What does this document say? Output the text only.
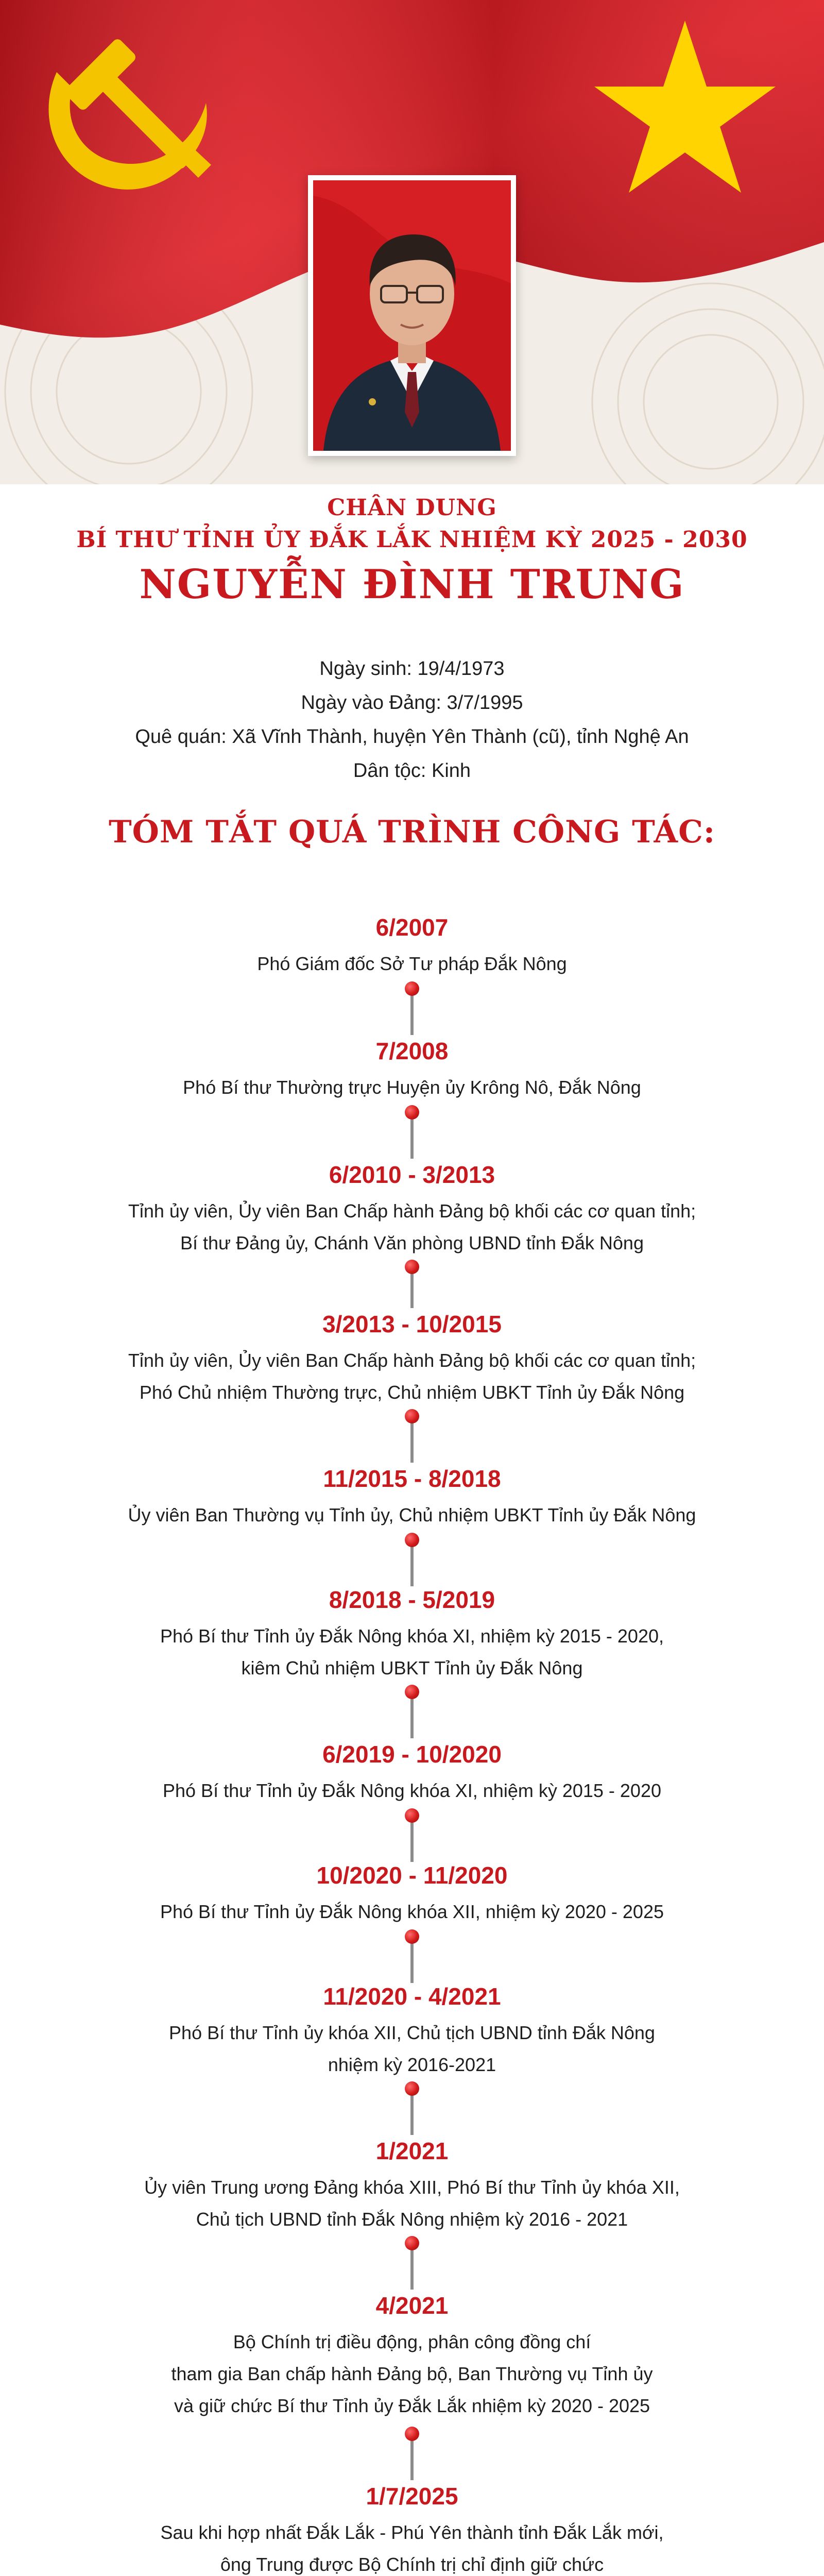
CHÂN DUNG
BÍ THƯ TỈNH ỦY ĐẮK LẮK NHIỆM KỲ 2025 - 2030
NGUYỄN ĐÌNH TRUNG
Ngày sinh: 19/4/1973
Ngày vào Đảng: 3/7/1995
Quê quán: Xã Vĩnh Thành, huyện Yên Thành (cũ), tỉnh Nghệ An
Dân tộc: Kinh
TÓM TẮT QUÁ TRÌNH CÔNG TÁC:
6/2007
Phó Giám đốc Sở Tư pháp Đắk Nông
7/2008
Phó Bí thư Thường trực Huyện ủy Krông Nô, Đắk Nông
6/2010 - 3/2013
Tỉnh ủy viên, Ủy viên Ban Chấp hành Đảng bộ khối các cơ quan tỉnh;
Bí thư Đảng ủy, Chánh Văn phòng UBND tỉnh Đắk Nông
3/2013 - 10/2015
Tỉnh ủy viên, Ủy viên Ban Chấp hành Đảng bộ khối các cơ quan tỉnh;
Phó Chủ nhiệm Thường trực, Chủ nhiệm UBKT Tỉnh ủy Đắk Nông
11/2015 - 8/2018
Ủy viên Ban Thường vụ Tỉnh ủy, Chủ nhiệm UBKT Tỉnh ủy Đắk Nông
8/2018 - 5/2019
Phó Bí thư Tỉnh ủy Đắk Nông khóa XI, nhiệm kỳ 2015 - 2020,
kiêm Chủ nhiệm UBKT Tỉnh ủy Đắk Nông
6/2019 - 10/2020
Phó Bí thư Tỉnh ủy Đắk Nông khóa XI, nhiệm kỳ 2015 - 2020
10/2020 - 11/2020
Phó Bí thư Tỉnh ủy Đắk Nông khóa XII, nhiệm kỳ 2020 - 2025
11/2020 - 4/2021
Phó Bí thư Tỉnh ủy khóa XII, Chủ tịch UBND tỉnh Đắk Nông
nhiệm kỳ 2016-2021
1/2021
Ủy viên Trung ương Đảng khóa XIII, Phó Bí thư Tỉnh ủy khóa XII,
Chủ tịch UBND tỉnh Đắk Nông nhiệm kỳ 2016 - 2021
4/2021
Bộ Chính trị điều động, phân công đồng chí
tham gia Ban chấp hành Đảng bộ, Ban Thường vụ Tỉnh ủy
và giữ chức Bí thư Tỉnh ủy Đắk Lắk nhiệm kỳ 2020 - 2025
1/7/2025
Sau khi hợp nhất Đắk Lắk - Phú Yên thành tỉnh Đắk Lắk mới,
ông Trung được Bộ Chính trị chỉ định giữ chức
